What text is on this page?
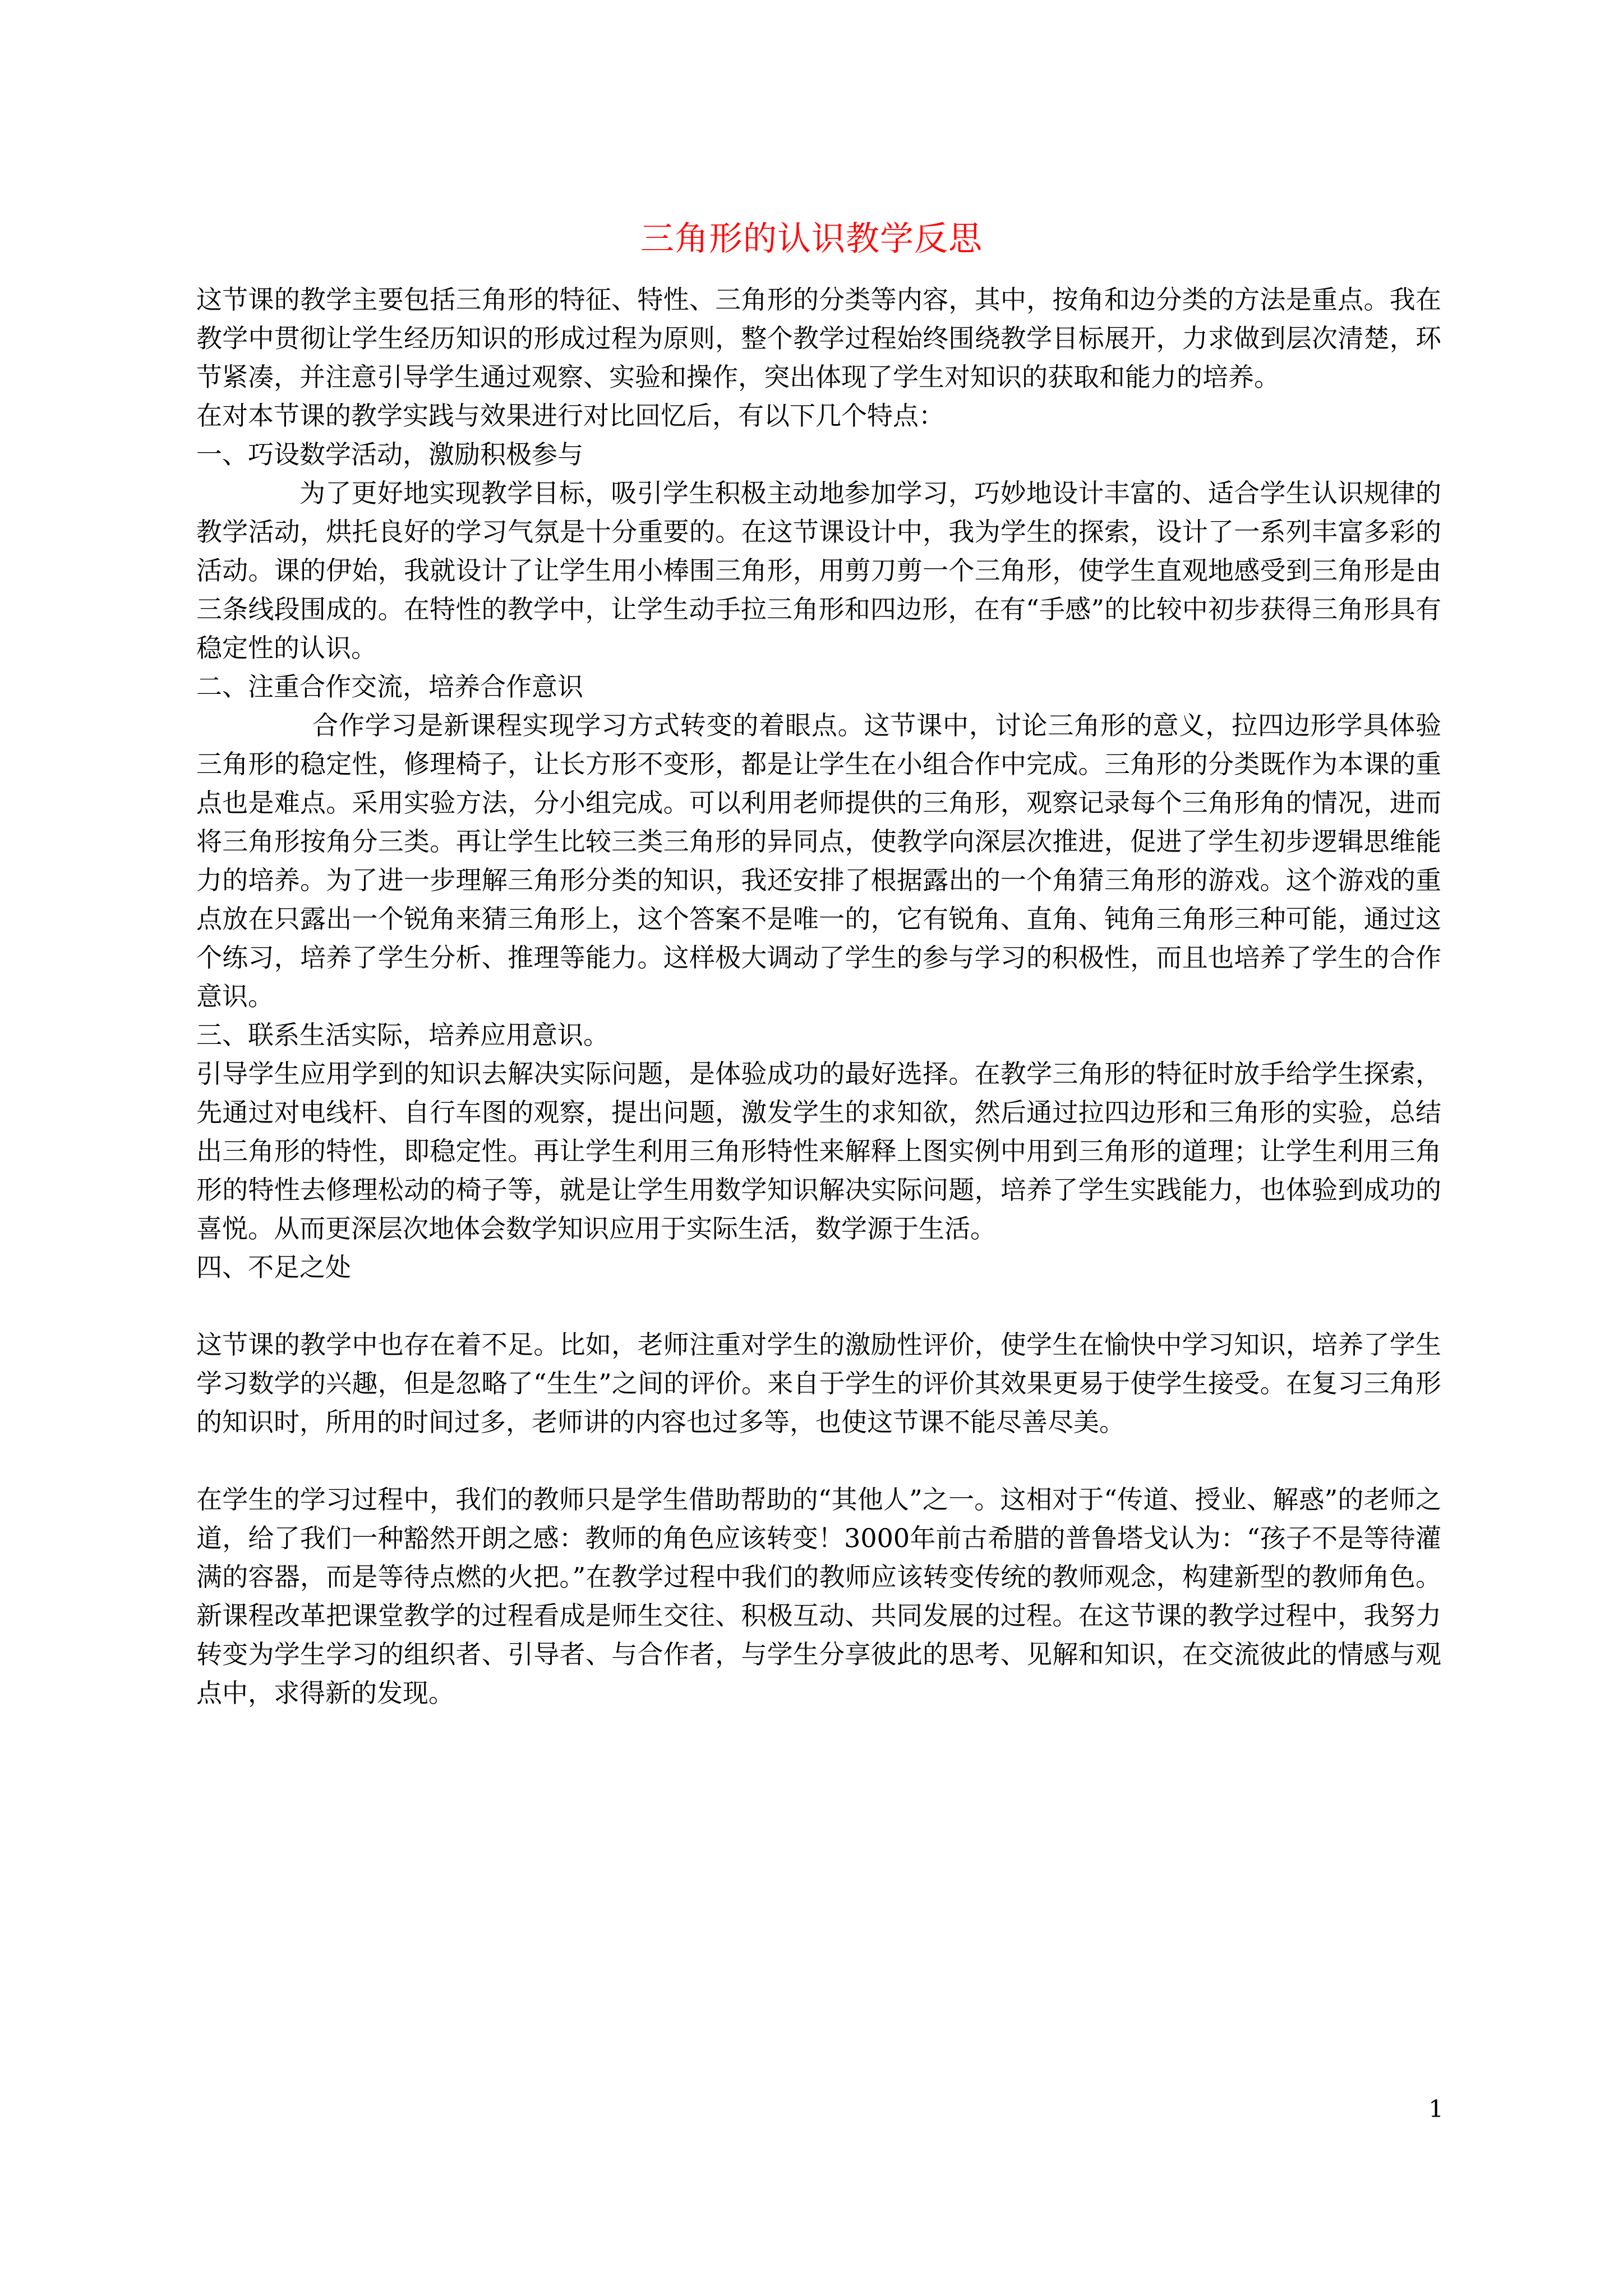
三角形的认识教学反思

这节课的教学主要包括三角形的特征、特性、三角形的分类等内容，其中，按角和边分类的方法是重点。我在教学中贯彻让学生经历知识的形成过程为原则，整个教学过程始终围绕教学目标展开，力求做到层次清楚，环节紧凑，并注意引导学生通过观察、实验和操作，突出体现了学生对知识的获取和能力的培养。

在对本节课的教学实践与效果进行对比回忆后，有以下几个特点：

一、巧设数学活动，激励积极参与

为了更好地实现教学目标，吸引学生积极主动地参加学习，巧妙地设计丰富的、适合学生认识规律的教学活动，烘托良好的学习气氛是十分重要的。在这节课设计中，我为学生的探索，设计了一系列丰富多彩的活动。课的伊始，我就设计了让学生用小棒围三角形，用剪刀剪一个三角形，使学生直观地感受到三角形是由三条线段围成的。在特性的教学中，让学生动手拉三角形和四边形，在有“手感”的比较中初步获得三角形具有稳定性的认识。

二、注重合作交流，培养合作意识

合作学习是新课程实现学习方式转变的着眼点。这节课中，讨论三角形的意义，拉四边形学具体验三角形的稳定性，修理椅子，让长方形不变形，都是让学生在小组合作中完成。三角形的分类既作为本课的重点也是难点。采用实验方法，分小组完成。可以利用老师提供的三角形，观察记录每个三角形角的情况，进而将三角形按角分三类。再让学生比较三类三角形的异同点，使教学向深层次推进，促进了学生初步逻辑思维能力的培养。为了进一步理解三角形分类的知识，我还安排了根据露出的一个角猜三角形的游戏。这个游戏的重点放在只露出一个锐角来猜三角形上，这个答案不是唯一的，它有锐角、直角、钝角三角形三种可能，通过这个练习，培养了学生分析、推理等能力。这样极大调动了学生的参与学习的积极性，而且也培养了学生的合作意识。

三、联系生活实际，培养应用意识。

引导学生应用学到的知识去解决实际问题，是体验成功的最好选择。在教学三角形的特征时放手给学生探索，先通过对电线杆、自行车图的观察，提出问题，激发学生的求知欲，然后通过拉四边形和三角形的实验，总结出三角形的特性，即稳定性。再让学生利用三角形特性来解释上图实例中用到三角形的道理；让学生利用三角形的特性去修理松动的椅子等，就是让学生用数学知识解决实际问题，培养了学生实践能力，也体验到成功的喜悦。从而更深层次地体会数学知识应用于实际生活，数学源于生活。

四、不足之处

这节课的教学中也存在着不足。比如，老师注重对学生的激励性评价，使学生在愉快中学习知识，培养了学生学习数学的兴趣，但是忽略了“生生”之间的评价。来自于学生的评价其效果更易于使学生接受。在复习三角形的知识时，所用的时间过多，老师讲的内容也过多等，也使这节课不能尽善尽美。

在学生的学习过程中，我们的教师只是学生借助帮助的“其他人”之一。这相对于“传道、授业、解惑”的老师之道，给了我们一种豁然开朗之感：教师的角色应该转变！3000年前古希腊的普鲁塔戈认为：“孩子不是等待灌满的容器，而是等待点燃的火把。”在教学过程中我们的教师应该转变传统的教师观念，构建新型的教师角色。新课程改革把课堂教学的过程看成是师生交往、积极互动、共同发展的过程。在这节课的教学过程中，我努力转变为学生学习的组织者、引导者、与合作者，与学生分享彼此的思考、见解和知识，在交流彼此的情感与观点中，求得新的发现。

1
